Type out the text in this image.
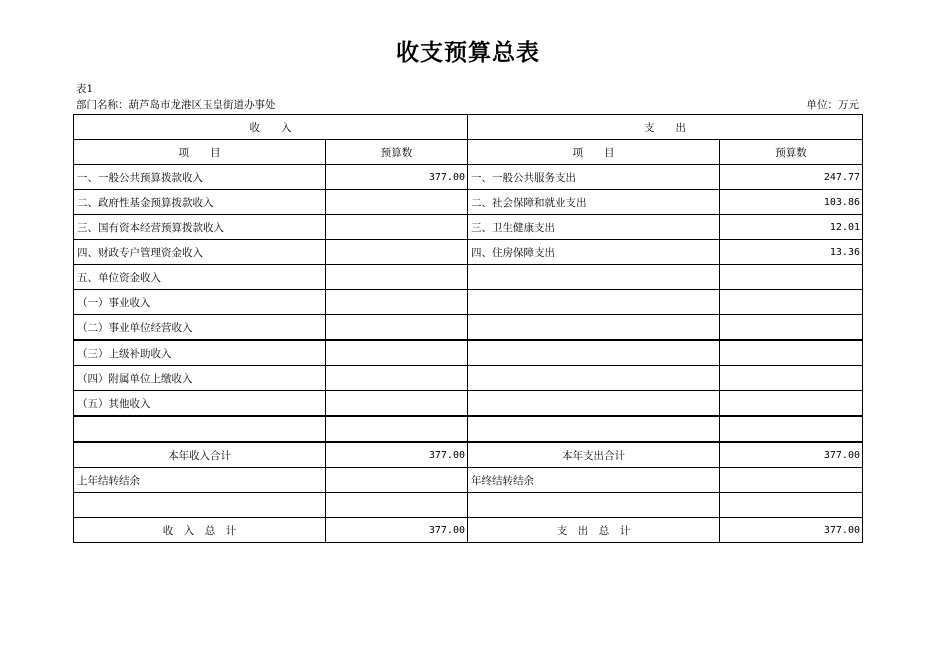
收支预算总表
表1
部门名称：葫芦岛市龙港区玉皇街道办事处	单位：万元
收　　入		支　　出	
项　　目	预算数	项　　目	预算数
一、一般公共预算拨款收入	377.00	一、一般公共服务支出	247.77
二、政府性基金预算拨款收入		二、社会保障和就业支出	103.86
三、国有资本经营预算拨款收入		三、卫生健康支出	12.01
四、财政专户管理资金收入		四、住房保障支出	13.36
五、单位资金收入			
（一）事业收入			
（二）事业单位经营收入			
（三）上级补助收入			
（四）附属单位上缴收入			
（五）其他收入			

本年收入合计	377.00	本年支出合计	377.00
上年结转结余		年终结转结余	

收　入　总　计	377.00	支　出　总　计	377.00
